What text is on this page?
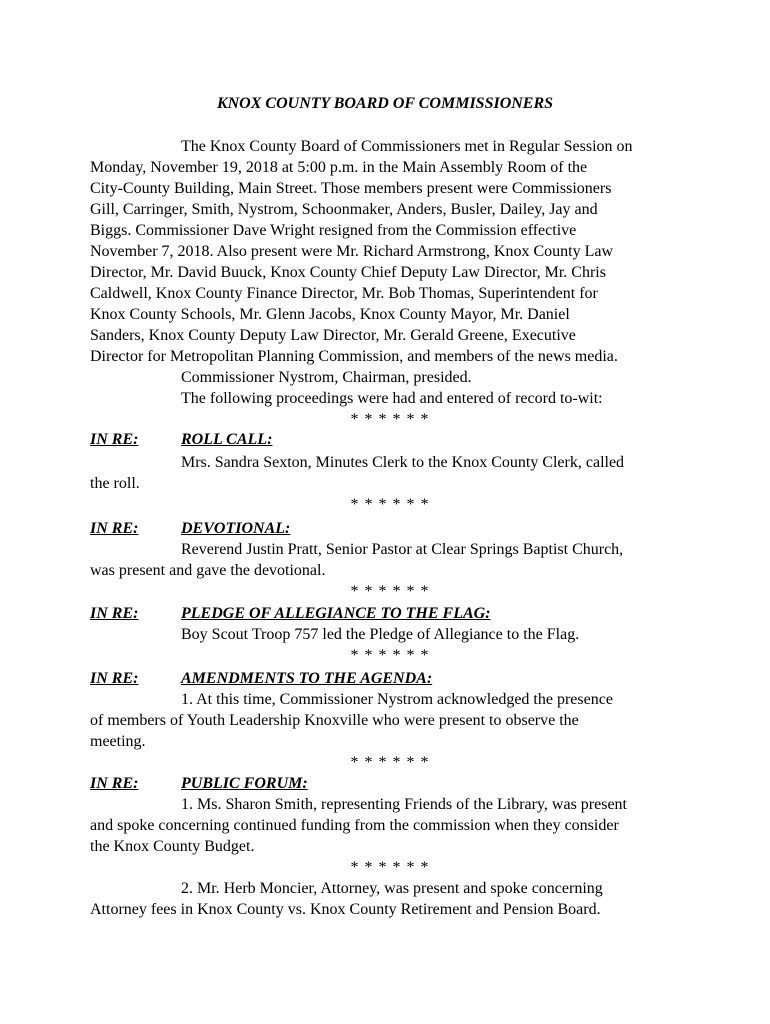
KNOX COUNTY BOARD OF COMMISSIONERS
The Knox County Board of Commissioners met in Regular Session on
Monday, November 19, 2018 at 5:00 p.m. in the Main Assembly Room of the
City-County Building, Main Street. Those members present were Commissioners
Gill, Carringer, Smith, Nystrom, Schoonmaker, Anders, Busler, Dailey, Jay and
Biggs. Commissioner Dave Wright resigned from the Commission effective
November 7, 2018. Also present were Mr. Richard Armstrong, Knox County Law
Director, Mr. David Buuck, Knox County Chief Deputy Law Director, Mr. Chris
Caldwell, Knox County Finance Director, Mr. Bob Thomas, Superintendent for
Knox County Schools, Mr. Glenn Jacobs, Knox County Mayor, Mr. Daniel
Sanders, Knox County Deputy Law Director, Mr. Gerald Greene, Executive
Director for Metropolitan Planning Commission, and members of the news media.
Commissioner Nystrom, Chairman, presided.
The following proceedings were had and entered of record to-wit:
* * * * * *
IN RE:	ROLL CALL:
Mrs. Sandra Sexton, Minutes Clerk to the Knox County Clerk, called
the roll.
* * * * * *
IN RE:	DEVOTIONAL:
Reverend Justin Pratt, Senior Pastor at Clear Springs Baptist Church,
was present and gave the devotional.
* * * * * *
IN RE:	PLEDGE OF ALLEGIANCE TO THE FLAG:
Boy Scout Troop 757 led the Pledge of Allegiance to the Flag.
* * * * * *
IN RE:	AMENDMENTS TO THE AGENDA:
1. At this time, Commissioner Nystrom acknowledged the presence
of members of Youth Leadership Knoxville who were present to observe the
meeting.
* * * * * *
IN RE:	PUBLIC FORUM:
1. Ms. Sharon Smith, representing Friends of the Library, was present
and spoke concerning continued funding from the commission when they consider
the Knox County Budget.
* * * * * *
2. Mr. Herb Moncier, Attorney, was present and spoke concerning
Attorney fees in Knox County vs. Knox County Retirement and Pension Board.
